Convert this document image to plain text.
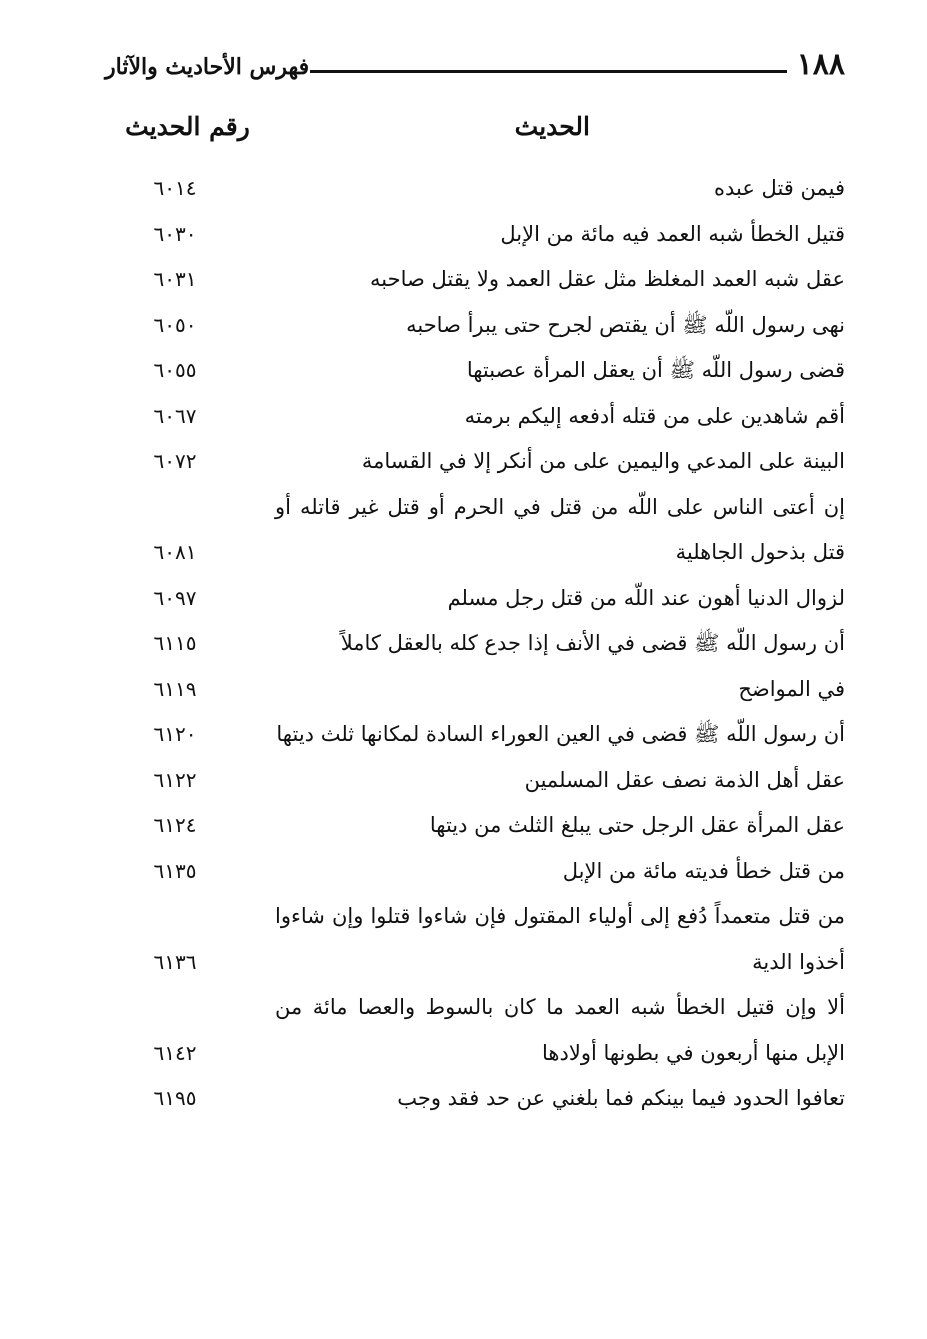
١٨٨
فهرس الأحاديث والآثار
الحديث
رقم الحديث
فيمن قتل عبده
٦٠١٤
قتيل الخطأ شبه العمد فيه مائة من الإبل
٦٠٣٠
عقل شبه العمد المغلظ مثل عقل العمد ولا يقتل صاحبه
٦٠٣١
نهى رسول اللّه ﷺ أن يقتص لجرح حتى يبرأ صاحبه
٦٠٥٠
قضى رسول اللّه ﷺ أن يعقل المرأة عصبتها
٦٠٥٥
أقم شاهدين على من قتله أدفعه إليكم برمته
٦٠٦٧
البينة على المدعي واليمين على من أنكر إلا في القسامة
٦٠٧٢
إن أعتى الناس على اللّه من قتل في الحرم أو قتل غير قاتله أو قتل بذحول الجاهلية
٦٠٨١
لزوال الدنيا أهون عند اللّه من قتل رجل مسلم
٦٠٩٧
أن رسول اللّه ﷺ قضى في الأنف إذا جدع كله بالعقل كاملاً
٦١١٥
في المواضح
٦١١٩
أن رسول اللّه ﷺ قضى في العين العوراء السادة لمكانها ثلث ديتها
٦١٢٠
عقل أهل الذمة نصف عقل المسلمين
٦١٢٢
عقل المرأة عقل الرجل حتى يبلغ الثلث من ديتها
٦١٢٤
من قتل خطأ فديته مائة من الإبل
٦١٣٥
من قتل متعمداً دُفع إلى أولياء المقتول فإن شاءوا قتلوا وإن شاءوا أخذوا الدية
٦١٣٦
ألا وإن قتيل الخطأ شبه العمد ما كان بالسوط والعصا مائة من الإبل منها أربعون في بطونها أولادها
٦١٤٢
تعافوا الحدود فيما بينكم فما بلغني عن حد فقد وجب
٦١٩٥
